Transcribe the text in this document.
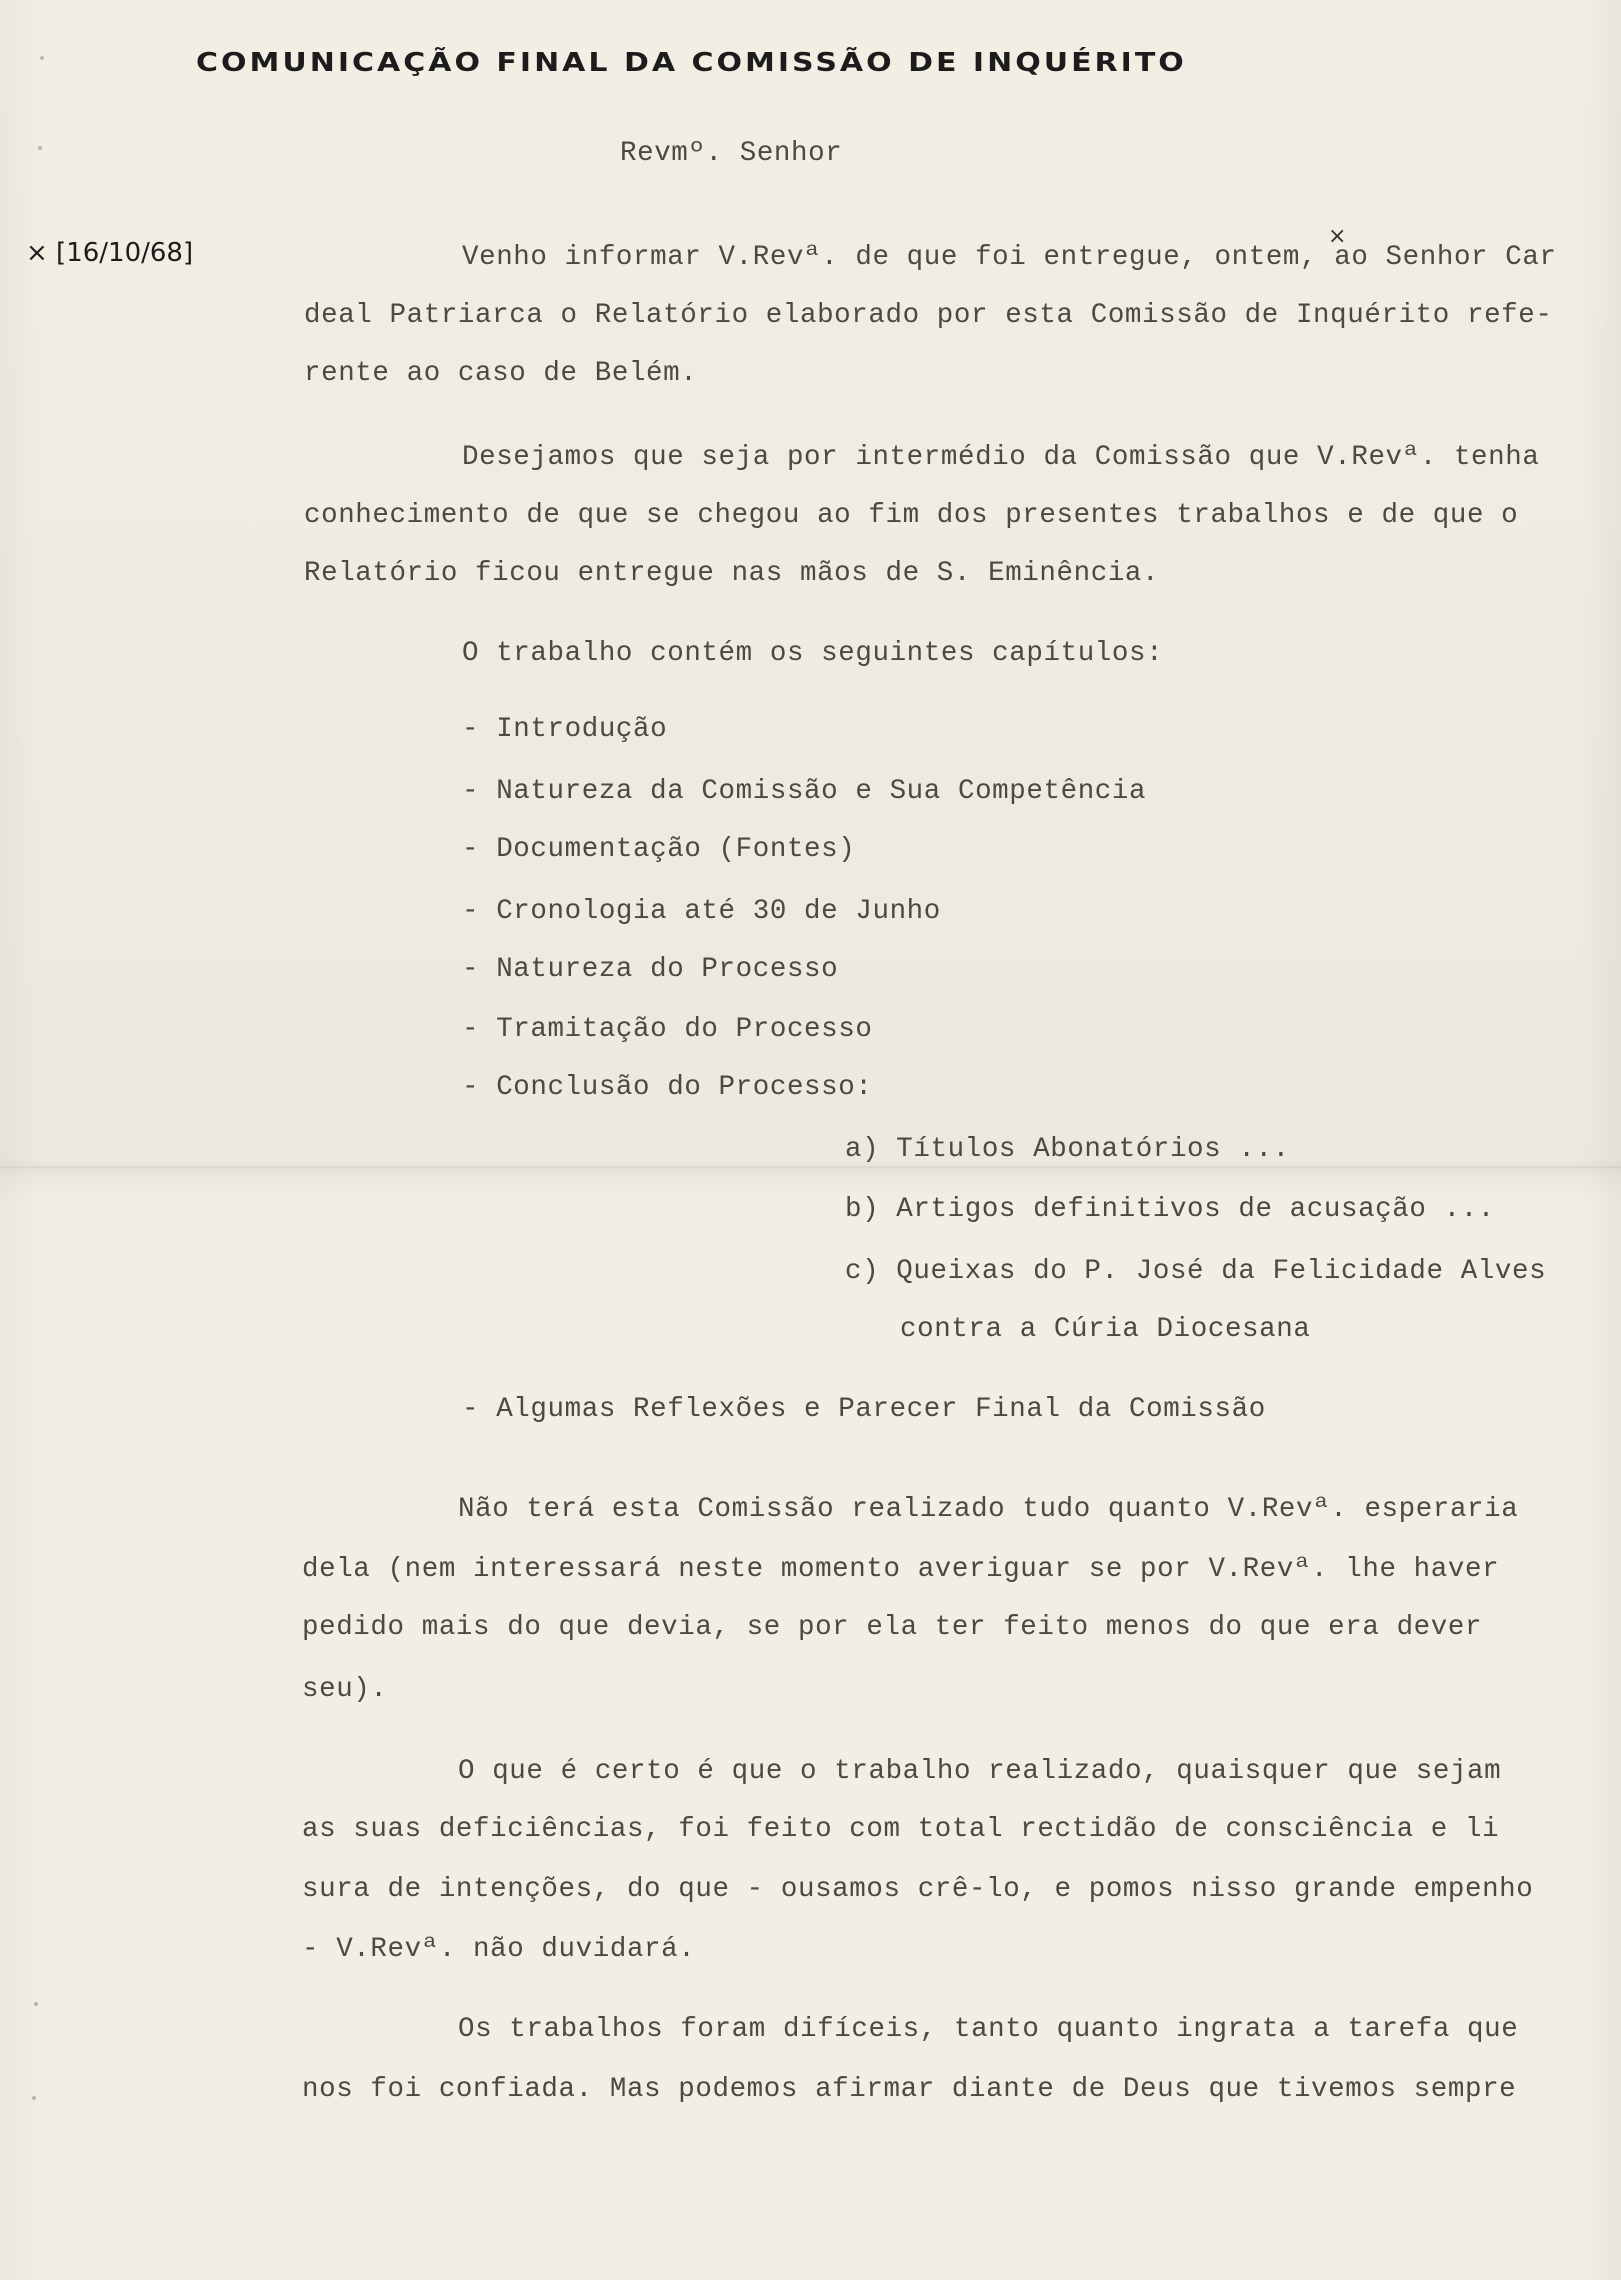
COMUNICAÇÃO FINAL DA COMISSÃO DE INQUÉRITO
× [16/10/68]
Revmº. Senhor
×
Venho informar V.Revª. de que foi entregue, ontem, ao Senhor Car
deal Patriarca o Relatório elaborado por esta Comissão de Inquérito refe-
rente ao caso de Belém.
Desejamos que seja por intermédio da Comissão que V.Revª. tenha
conhecimento de que se chegou ao fim dos presentes trabalhos e de que o
Relatório ficou entregue nas mãos de S. Eminência.
O trabalho contém os seguintes capítulos:
- Introdução
- Natureza da Comissão e Sua Competência
- Documentação (Fontes)
- Cronologia até 30 de Junho
- Natureza do Processo
- Tramitação do Processo
- Conclusão do Processo:
a) Títulos Abonatórios ...
b) Artigos definitivos de acusação ...
c) Queixas do P. José da Felicidade Alves
contra a Cúria Diocesana
- Algumas Reflexões e Parecer Final da Comissão
Não terá esta Comissão realizado tudo quanto V.Revª. esperaria
dela (nem interessará neste momento averiguar se por V.Revª. lhe haver
pedido mais do que devia, se por ela ter feito menos do que era dever
seu).
O que é certo é que o trabalho realizado, quaisquer que sejam
as suas deficiências, foi feito com total rectidão de consciência e li
sura de intenções, do que - ousamos crê-lo, e pomos nisso grande empenho
- V.Revª. não duvidará.
Os trabalhos foram difíceis, tanto quanto ingrata a tarefa que
nos foi confiada. Mas podemos afirmar diante de Deus que tivemos sempre
